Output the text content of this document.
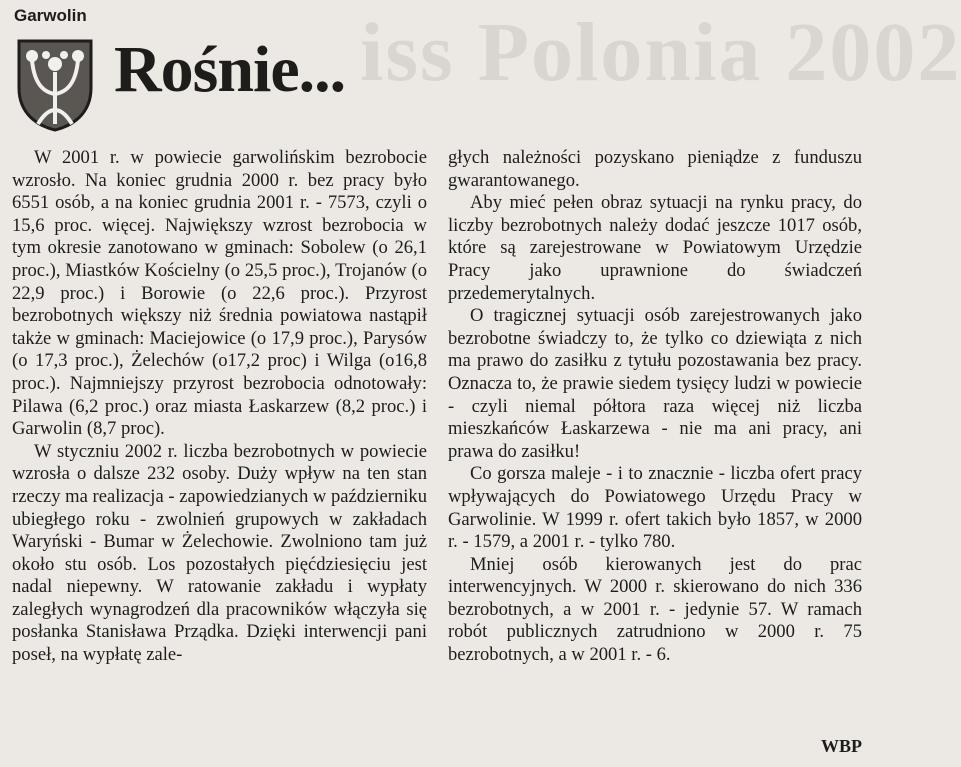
iss Polonia 2002
Garwolin
Rośnie...

W 2001 r. w powiecie garwolińskim bezrobocie wzrosło. Na koniec grudnia 2000 r. bez pracy było 6551 osób, a na koniec grudnia 2001 r. - 7573, czyli o 15,6 proc. więcej. Największy wzrost bezrobocia w tym okresie zanotowano w gminach: Sobolew (o 26,1 proc.), Miastków Kościelny (o 25,5 proc.), Trojanów (o 22,9 proc.) i Borowie (o 22,6 proc.). Przyrost bezrobotnych większy niż średnia powiatowa nastąpił także w gminach: Maciejowice (o 17,9 proc.), Parysów (o 17,3 proc.), Żelechów (o17,2 proc) i Wilga (o16,8 proc.). Najmniejszy przyrost bezrobocia odnotowały: Pilawa (6,2 proc.) oraz miasta Łaskarzew (8,2 proc.) i Garwolin (8,7 proc).

W styczniu 2002 r. liczba bezrobotnych w powiecie wzrosła o dalsze 232 osoby. Duży wpływ na ten stan rzeczy ma realizacja - zapowiedzianych w październiku ubiegłego roku - zwolnień grupowych w zakładach Waryński - Bumar w Żelechowie. Zwolniono tam już około stu osób. Los pozostałych pięćdziesięciu jest nadal niepewny. W ratowanie zakładu i wypłaty zaległych wynagrodzeń dla pracowników włączyła się posłanka Stanisława Prządka. Dzięki interwencji pani poseł, na wypłatę zale-

głych należności pozyskano pieniądze z funduszu gwarantowanego.

Aby mieć pełen obraz sytuacji na rynku pracy, do liczby bezrobotnych należy dodać jeszcze 1017 osób, które są zarejestrowane w Powiatowym Urzędzie Pracy jako uprawnione do świadczeń przedemerytalnych.

O tragicznej sytuacji osób zarejestrowanych jako bezrobotne świadczy to, że tylko co dziewiąta z nich ma prawo do zasiłku z tytułu pozostawania bez pracy. Oznacza to, że prawie siedem tysięcy ludzi w powiecie - czyli niemal półtora raza więcej niż liczba mieszkańców Łaskarzewa - nie ma ani pracy, ani prawa do zasiłku!

Co gorsza maleje - i to znacznie - liczba ofert pracy wpływających do Powiatowego Urzędu Pracy w Garwolinie. W 1999 r. ofert takich było 1857, w 2000 r. - 1579, a 2001 r. - tylko 780.

Mniej osób kierowanych jest do prac interwencyjnych. W 2000 r. skierowano do nich 336 bezrobotnych, a w 2001 r. - jedynie 57. W ramach robót publicznych zatrudniono w 2000 r. 75 bezrobotnych, a w 2001 r. - 6.

WBP
